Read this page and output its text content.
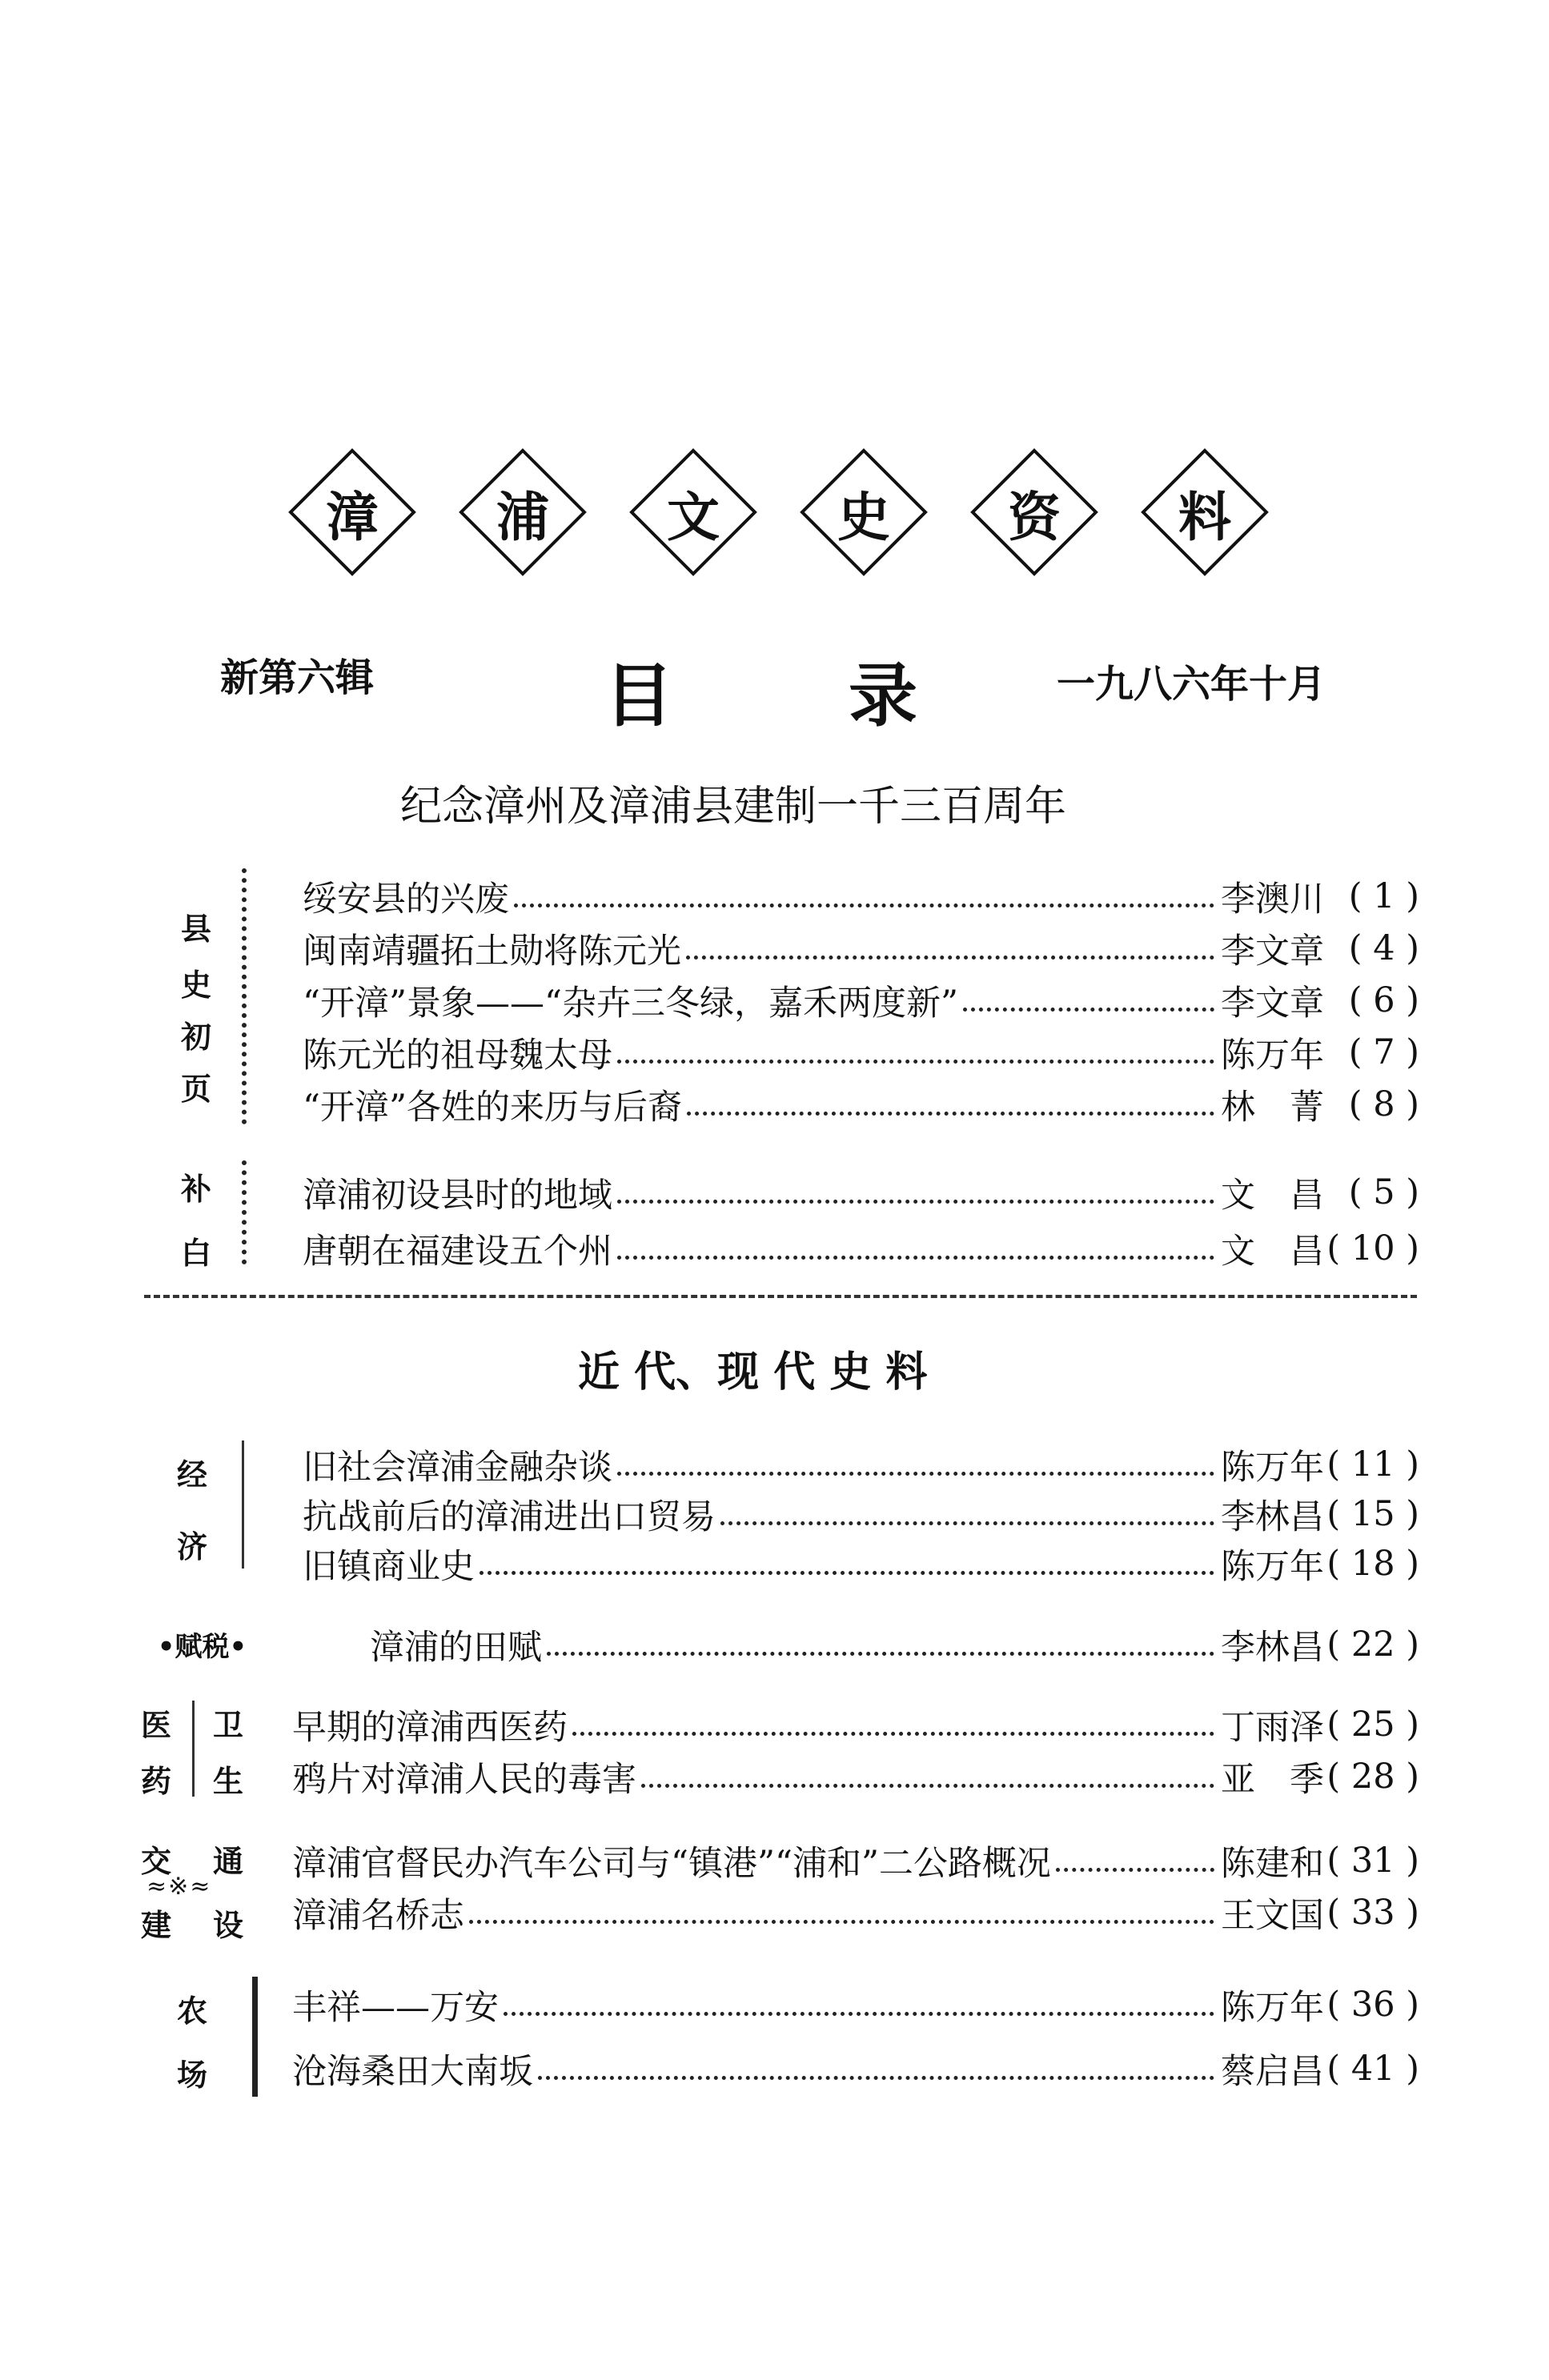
漳	浦	文	史	资	料
新第六辑	目	录	一九八六年十月
纪念漳州及漳浦县建制一千三百周年
县
史
初
页
绥安县的兴废	李澳川 ( 1 )
闽南靖疆拓土勋将陈元光	李文章 ( 4 )
“开漳”景象——“杂卉三冬绿，嘉禾两度新”	李文章 ( 6 )
陈元光的祖母魏太母	陈万年 ( 7 )
“开漳”各姓的来历与后裔	林　菁 ( 8 )
补
白
漳浦初设县时的地域	文　昌 ( 5 )
唐朝在福建设五个州	文　昌 ( 10 )
近 代、现 代 史 料
经
济
旧社会漳浦金融杂谈	陈万年 ( 11 )
抗战前后的漳浦进出口贸易	李林昌 ( 15 )
旧镇商业史	陈万年 ( 18 )
•赋税•	漳浦的田赋	李林昌 ( 22 )
医 卫
药 生
早期的漳浦西医药	丁雨泽 ( 25 )
鸦片对漳浦人民的毒害	亚　季 ( 28 )
交 通
≈※≈
建 设
漳浦官督民办汽车公司与“镇港”“浦和”二公路概况	陈建和 ( 31 )
漳浦名桥志	王文国 ( 33 )
农
场
丰祥——万安	陈万年 ( 36 )
沧海桑田大南坂	蔡启昌 ( 41 )
